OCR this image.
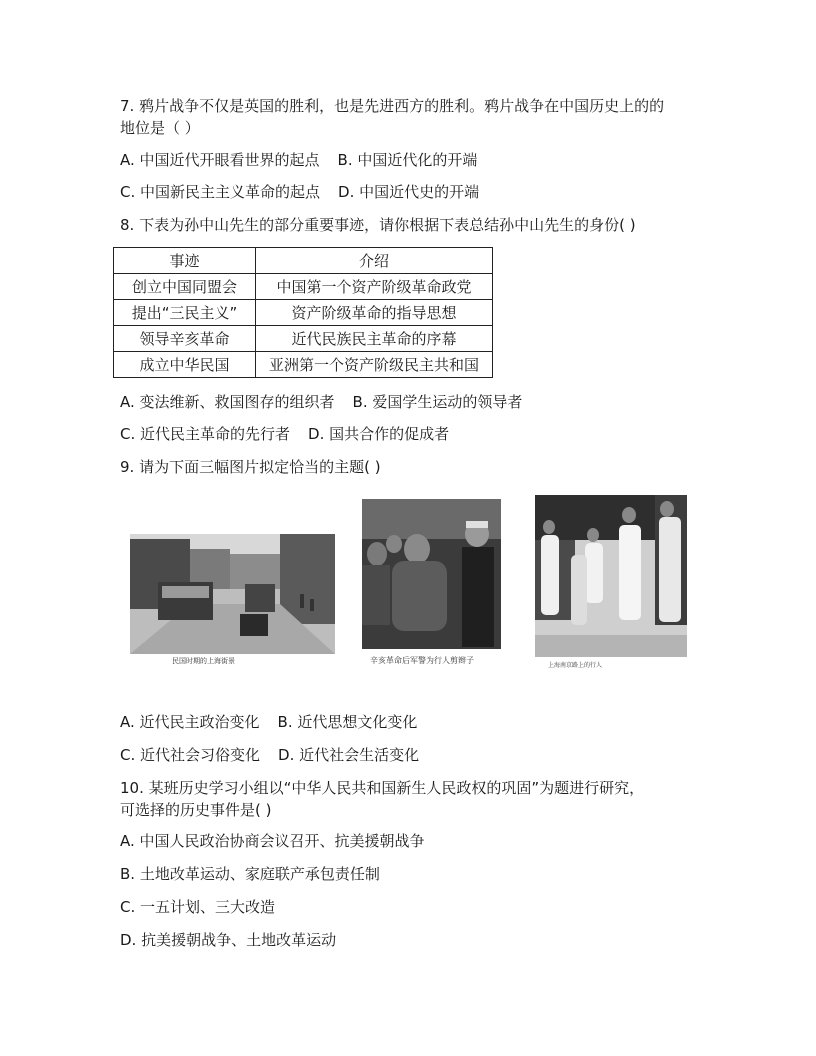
7. 鸦片战争不仅是英国的胜利，也是先进西方的胜利。鸦片战争在中国历史上的的
地位是（ ）
A. 中国近代开眼看世界的起点 B. 中国近代化的开端
C. 中国新民主主义革命的起点 D. 中国近代史的开端
8. 下表为孙中山先生的部分重要事迹，请你根据下表总结孙中山先生的身份( )
事迹	介绍
创立中国同盟会	中国第一个资产阶级革命政党
提出“三民主义”	资产阶级革命的指导思想
领导辛亥革命	近代民族民主革命的序幕
成立中华民国	亚洲第一个资产阶级民主共和国
A. 变法维新、救国图存的组织者 B. 爱国学生运动的领导者
C. 近代民主革命的先行者 D. 国共合作的促成者
9. 请为下面三幅图片拟定恰当的主题( )
民国时期的上海街景	辛亥革命后军警为行人剪辫子
上海南京路上的行人
A. 近代民主政治变化 B. 近代思想文化变化
C. 近代社会习俗变化 D. 近代社会生活变化
10. 某班历史学习小组以“中华人民共和国新生人民政权的巩固”为题进行研究，
可选择的历史事件是( )
A. 中国人民政治协商会议召开、抗美援朝战争
B. 土地改革运动、家庭联产承包责任制
C. 一五计划、三大改造
D. 抗美援朝战争、土地改革运动
